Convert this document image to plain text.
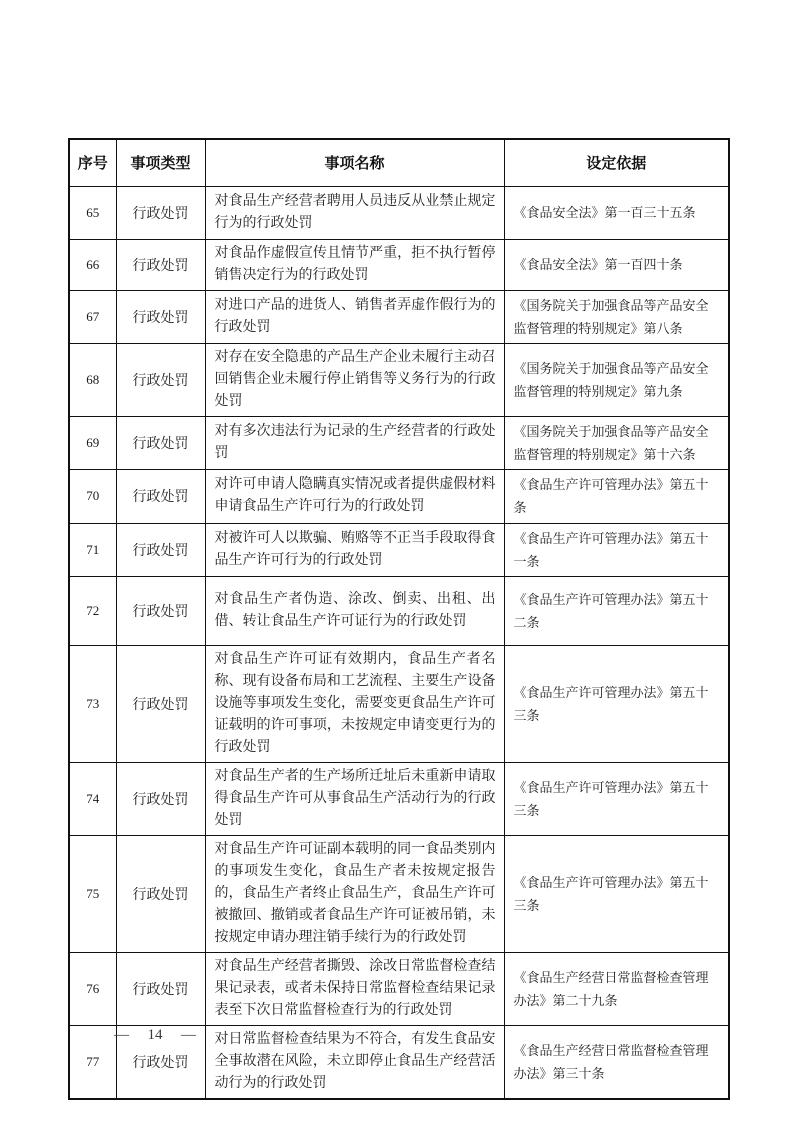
序号	事项类型	事项名称	设定依据
65	行政处罚	对食品生产经营者聘用人员违反从业禁止规定行为的行政处罚	《食品安全法》第一百三十五条
66	行政处罚	对食品作虚假宣传且情节严重，拒不执行暂停销售决定行为的行政处罚	《食品安全法》第一百四十条
67	行政处罚	对进口产品的进货人、销售者弄虚作假行为的行政处罚	《国务院关于加强食品等产品安全监督管理的特别规定》第八条
68	行政处罚	对存在安全隐患的产品生产企业未履行主动召回销售企业未履行停止销售等义务行为的行政处罚	《国务院关于加强食品等产品安全监督管理的特别规定》第九条
69	行政处罚	对有多次违法行为记录的生产经营者的行政处罚	《国务院关于加强食品等产品安全监督管理的特别规定》第十六条
70	行政处罚	对许可申请人隐瞒真实情况或者提供虚假材料申请食品生产许可行为的行政处罚	《食品生产许可管理办法》第五十条
71	行政处罚	对被许可人以欺骗、贿赂等不正当手段取得食品生产许可行为的行政处罚	《食品生产许可管理办法》第五十一条
72	行政处罚	对食品生产者伪造、涂改、倒卖、出租、出借、转让食品生产许可证行为的行政处罚	《食品生产许可管理办法》第五十二条
73	行政处罚	对食品生产许可证有效期内，食品生产者名称、现有设备布局和工艺流程、主要生产设备设施等事项发生变化，需要变更食品生产许可证载明的许可事项，未按规定申请变更行为的行政处罚	《食品生产许可管理办法》第五十三条
74	行政处罚	对食品生产者的生产场所迁址后未重新申请取得食品生产许可从事食品生产活动行为的行政处罚	《食品生产许可管理办法》第五十三条
75	行政处罚	对食品生产许可证副本载明的同一食品类别内的事项发生变化，食品生产者未按规定报告的，食品生产者终止食品生产，食品生产许可被撤回、撤销或者食品生产许可证被吊销，未按规定申请办理注销手续行为的行政处罚	《食品生产许可管理办法》第五十三条
76	行政处罚	对食品生产经营者撕毁、涂改日常监督检查结果记录表，或者未保持日常监督检查结果记录表至下次日常监督检查行为的行政处罚	《食品生产经营日常监督检查管理办法》第二十九条
77	行政处罚	对日常监督检查结果为不符合，有发生食品安全事故潜在风险，未立即停止食品生产经营活动行为的行政处罚	《食品生产经营日常监督检查管理办法》第三十条
— 14 —
